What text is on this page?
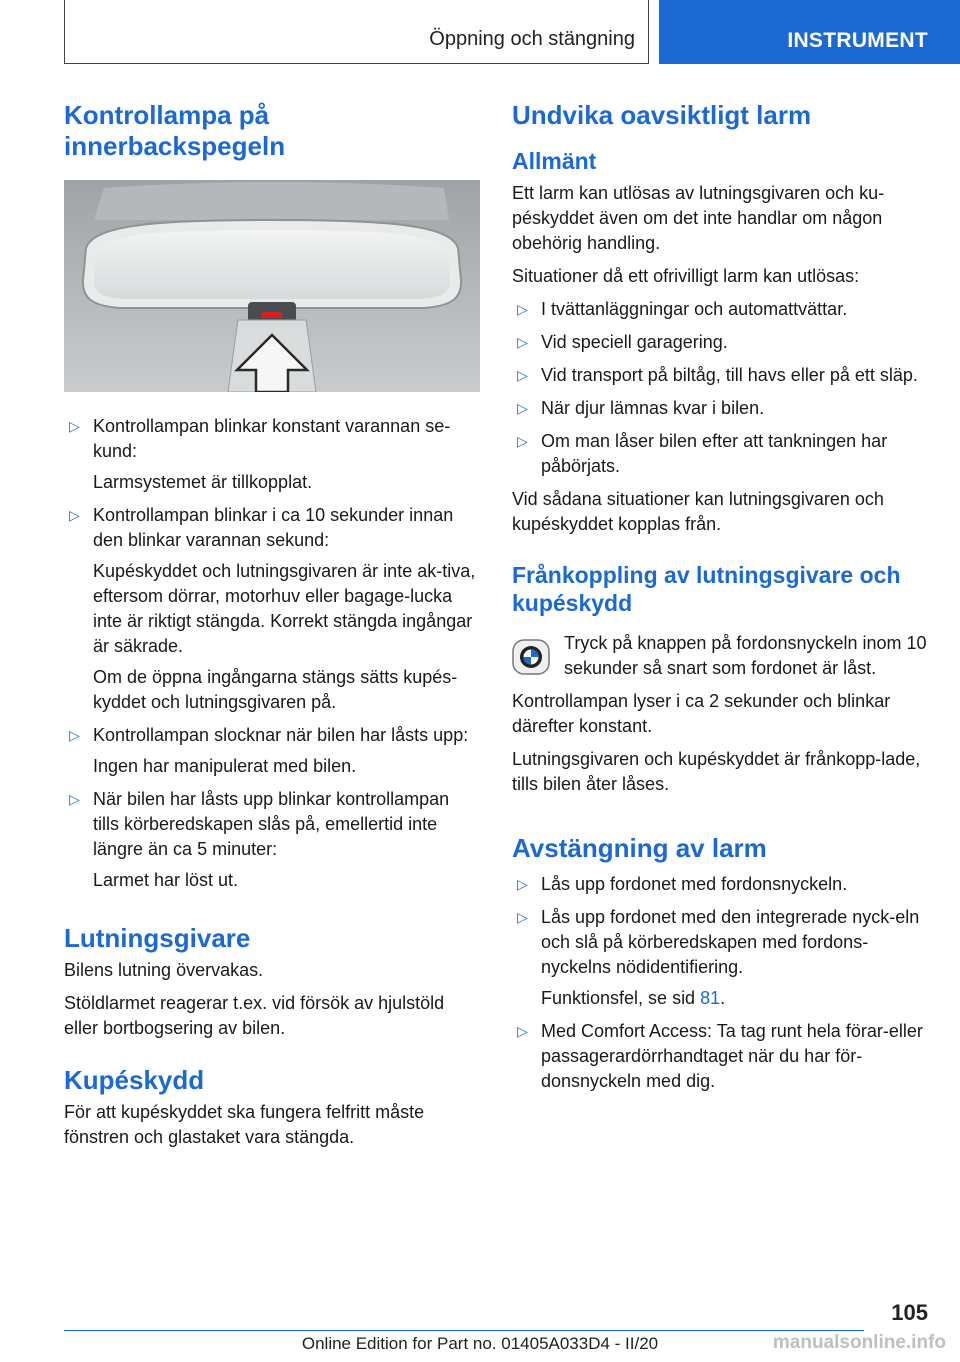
Öppning och stängning	INSTRUMENT
Kontrollampa på innerbackspegeln
▷ Kontrollampan blinkar konstant varannan se-kund:
Larmsystemet är tillkopplat.
▷ Kontrollampan blinkar i ca 10 sekunder innan den blinkar varannan sekund:
Kupéskyddet och lutningsgivaren är inte ak-tiva, eftersom dörrar, motorhuv eller bagage-lucka inte är riktigt stängda. Korrekt stängda ingångar är säkrade.
Om de öppna ingångarna stängs sätts kupés-kyddet och lutningsgivaren på.
▷ Kontrollampan slocknar när bilen har låsts upp:
Ingen har manipulerat med bilen.
▷ När bilen har låsts upp blinkar kontrollampan tills körberedskapen slås på, emellertid inte längre än ca 5 minuter:
Larmet har löst ut.
Lutningsgivare

Bilens lutning övervakas.

Stöldlarmet reagerar t.ex. vid försök av hjulstöld eller bortbogsering av bilen.

Kupéskydd

För att kupéskyddet ska fungera felfritt måste fönstren och glastaket vara stängda.

Undvika oavsiktligt larm
Allmänt

Ett larm kan utlösas av lutningsgivaren och ku-péskyddet även om det inte handlar om någon obehörig handling.

Situationer då ett ofrivilligt larm kan utlösas:

▷ I tvättanläggningar och automattvättar.
▷ Vid speciell garagering.
▷ Vid transport på biltåg, till havs eller på ett släp.
▷ När djur lämnas kvar i bilen.
▷ Om man låser bilen efter att tankningen har påbörjats.

Vid sådana situationer kan lutningsgivaren och kupéskyddet kopplas från.

Frånkoppling av lutningsgivare och kupéskydd

Tryck på knappen på fordonsnyckeln inom 10 sekunder så snart som fordonet är låst.

Kontrollampan lyser i ca 2 sekunder och blinkar därefter konstant.

Lutningsgivaren och kupéskyddet är frånkopp-lade, tills bilen åter låses.

Avstängning av larm
▷ Lås upp fordonet med fordonsnyckeln.
▷ Lås upp fordonet med den integrerade nyck-eln och slå på körberedskapen med fordons-nyckelns nödidentifiering.
Funktionsfel, se sid 81.
▷ Med Comfort Access: Ta tag runt hela förar-eller passagerardörrhandtaget när du har för-donsnyckeln med dig.
105
Online Edition for Part no. 01405A033D4 - II/20	manualsonline.info
